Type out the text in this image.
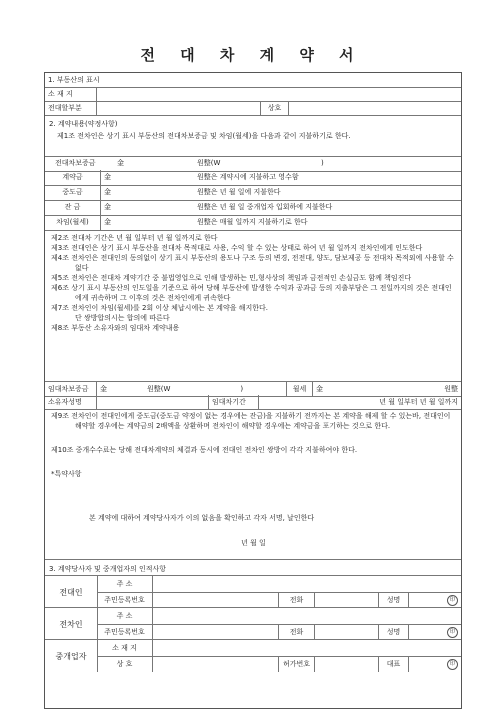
전 대 차 계 약 서
1. 부동산의 표시
소 재 지
전대할부분	상호
2. 계약내용(약정사항)
제1조 전차인은 상기 표시 부동산의 전대차보증금 및 차임(월세)을 다음과 같이 지불하기로 한다.
전대차보증금	金	원整(W	)
계약금	金	원整은 계약시에 지불하고 영수함
중도금	金	원整은 년 월 일에 지불한다
잔 금	金	원整은 년 월 일 중개업자 입회하에 지불한다
차임(월세)	金	원整은 매월 일까지 지불하기로 한다
제2조 전대차 기간은 년 월 일부터 년 월 일까지로 한다
제3조 전대인은 상기 표시 부동산을 전대차 목적대로 사용, 수익 할 수 있는 상태로 하여 년 월 일까지 전차인에게 인도한다
제4조 전차인은 전대인의 동의없이 상기 표시 부동산의 용도나 구조 등의 변경, 전전대, 양도, 담보제공 등 전대차 목적외에 사용할 수 없다
제5조 전차인은 전대차 계약기간 중 불법영업으로 인해 발생하는 민,형사상의 책임과 금전적인 손실금도 함께 책임진다
제6조 상기 표시 부동산의 인도일을 기준으로 하여 당해 부동산에 발생한 수익과 공과금 등의 지출부담은 그 전일까지의 것은 전대인에게 귀속하며 그 이후의 것은 전차인에게 귀속한다
제7조 전차인이 차임(월세)를 2회 이상 체납시에는 본 계약을 해지한다.
단 쌍방합의시는 합의에 따른다
제8조 부동산 소유자와의 임대차 계약내용
임대차보증금	金	원整(W	)	월세	金	원整
소유자성명	임대차기간	년 월 일부터 년 월 일까지
제9조 전차인이 전대인에게 중도금(중도금 약정이 없는 경우에는 잔금)을 지불하기 전까지는 본 계약을 해제 할 수 있는바, 전대인이 해약할 경우에는 계약금의 2배액을 상환하며 전차인이 해약할 경우에는 계약금을 포기하는 것으로 한다.
제10조 중개수수료는 당해 전대차계약의 체결과 동시에 전대인 전차인 쌍방이 각각 지불하여야 한다.
*특약사항
본 계약에 대하여 계약당사자가 이의 없음을 확인하고 각자 서명, 날인한다
년 월 일
3. 계약당사자 및 중개업자의 인적사항
전대인
주 소
주민등록번호	전화	성명	印
전차인
주 소
주민등록번호	전화	성명	印
중개업자
소 재 지
상 호	허가번호	대표	印
